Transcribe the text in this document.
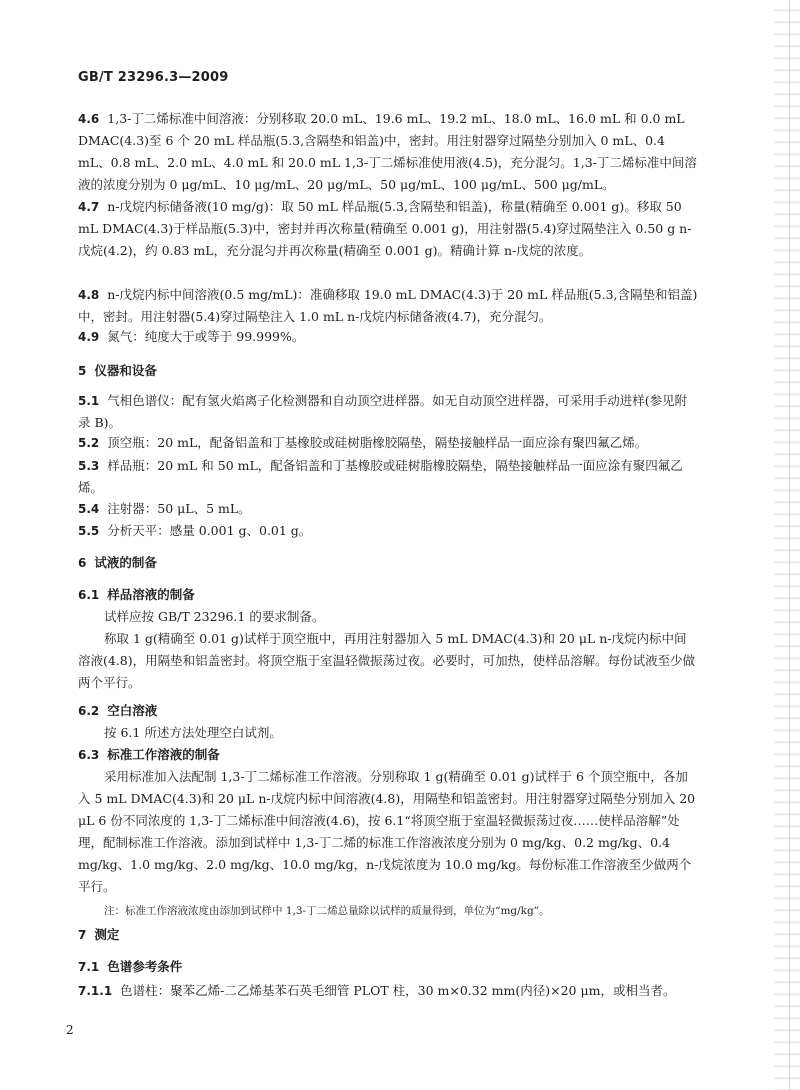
GB/T 23296.3—2009

4.6 1,3-丁二烯标准中间溶液：分别移取 20.0 mL、19.6 mL、19.2 mL、18.0 mL、16.0 mL 和 0.0 mL DMAC(4.3)至 6 个 20 mL 样品瓶(5.3,含隔垫和铝盖)中，密封。用注射器穿过隔垫分别加入 0 mL、0.4 mL、0.8 mL、2.0 mL、4.0 mL 和 20.0 mL 1,3-丁二烯标准使用液(4.5)，充分混匀。1,3-丁二烯标准中间溶液的浓度分别为 0 μg/mL、10 μg/mL、20 μg/mL、50 μg/mL、100 μg/mL、500 μg/mL。

4.7 n-戊烷内标储备液(10 mg/g)：取 50 mL 样品瓶(5.3,含隔垫和铝盖)，称量(精确至 0.001 g)。移取 50 mL DMAC(4.3)于样品瓶(5.3)中，密封并再次称量(精确至 0.001 g)，用注射器(5.4)穿过隔垫注入 0.50 g n-戊烷(4.2)，约 0.83 mL，充分混匀并再次称量(精确至 0.001 g)。精确计算 n-戊烷的浓度。

4.8 n-戊烷内标中间溶液(0.5 mg/mL)：准确移取 19.0 mL DMAC(4.3)于 20 mL 样品瓶(5.3,含隔垫和铝盖)中，密封。用注射器(5.4)穿过隔垫注入 1.0 mL n-戊烷内标储备液(4.7)，充分混匀。

4.9 氮气：纯度大于或等于 99.999%。

5 仪器和设备

5.1 气相色谱仪：配有氢火焰离子化检测器和自动顶空进样器。如无自动顶空进样器，可采用手动进样(参见附录 B)。

5.2 顶空瓶：20 mL，配备铝盖和丁基橡胶或硅树脂橡胶隔垫，隔垫接触样品一面应涂有聚四氟乙烯。

5.3 样品瓶：20 mL 和 50 mL，配备铝盖和丁基橡胶或硅树脂橡胶隔垫，隔垫接触样品一面应涂有聚四氟乙烯。

5.4 注射器：50 μL、5 mL。

5.5 分析天平：感量 0.001 g、0.01 g。

6 试液的制备

6.1 样品溶液的制备

试样应按 GB/T 23296.1 的要求制备。

称取 1 g(精确至 0.01 g)试样于顶空瓶中，再用注射器加入 5 mL DMAC(4.3)和 20 μL n-戊烷内标中间溶液(4.8)，用隔垫和铝盖密封。将顶空瓶于室温轻微振荡过夜。必要时，可加热，使样品溶解。每份试液至少做两个平行。

6.2 空白溶液

按 6.1 所述方法处理空白试剂。

6.3 标准工作溶液的制备

采用标准加入法配制 1,3-丁二烯标准工作溶液。分别称取 1 g(精确至 0.01 g)试样于 6 个顶空瓶中，各加入 5 mL DMAC(4.3)和 20 μL n-戊烷内标中间溶液(4.8)，用隔垫和铝盖密封。用注射器穿过隔垫分别加入 20 μL 6 份不同浓度的 1,3-丁二烯标准中间溶液(4.6)，按 6.1“将顶空瓶于室温轻微振荡过夜……使样品溶解”处理，配制标准工作溶液。添加到试样中 1,3-丁二烯的标准工作溶液浓度分别为 0 mg/kg、0.2 mg/kg、0.4 mg/kg、1.0 mg/kg、2.0 mg/kg、10.0 mg/kg，n-戊烷浓度为 10.0 mg/kg。每份标准工作溶液至少做两个平行。

注：标准工作溶液浓度由添加到试样中 1,3-丁二烯总量除以试样的质量得到，单位为“mg/kg”。

7 测定

7.1 色谱参考条件

7.1.1 色谱柱：聚苯乙烯-二乙烯基苯石英毛细管 PLOT 柱，30 m×0.32 mm(内径)×20 μm，或相当者。

2
